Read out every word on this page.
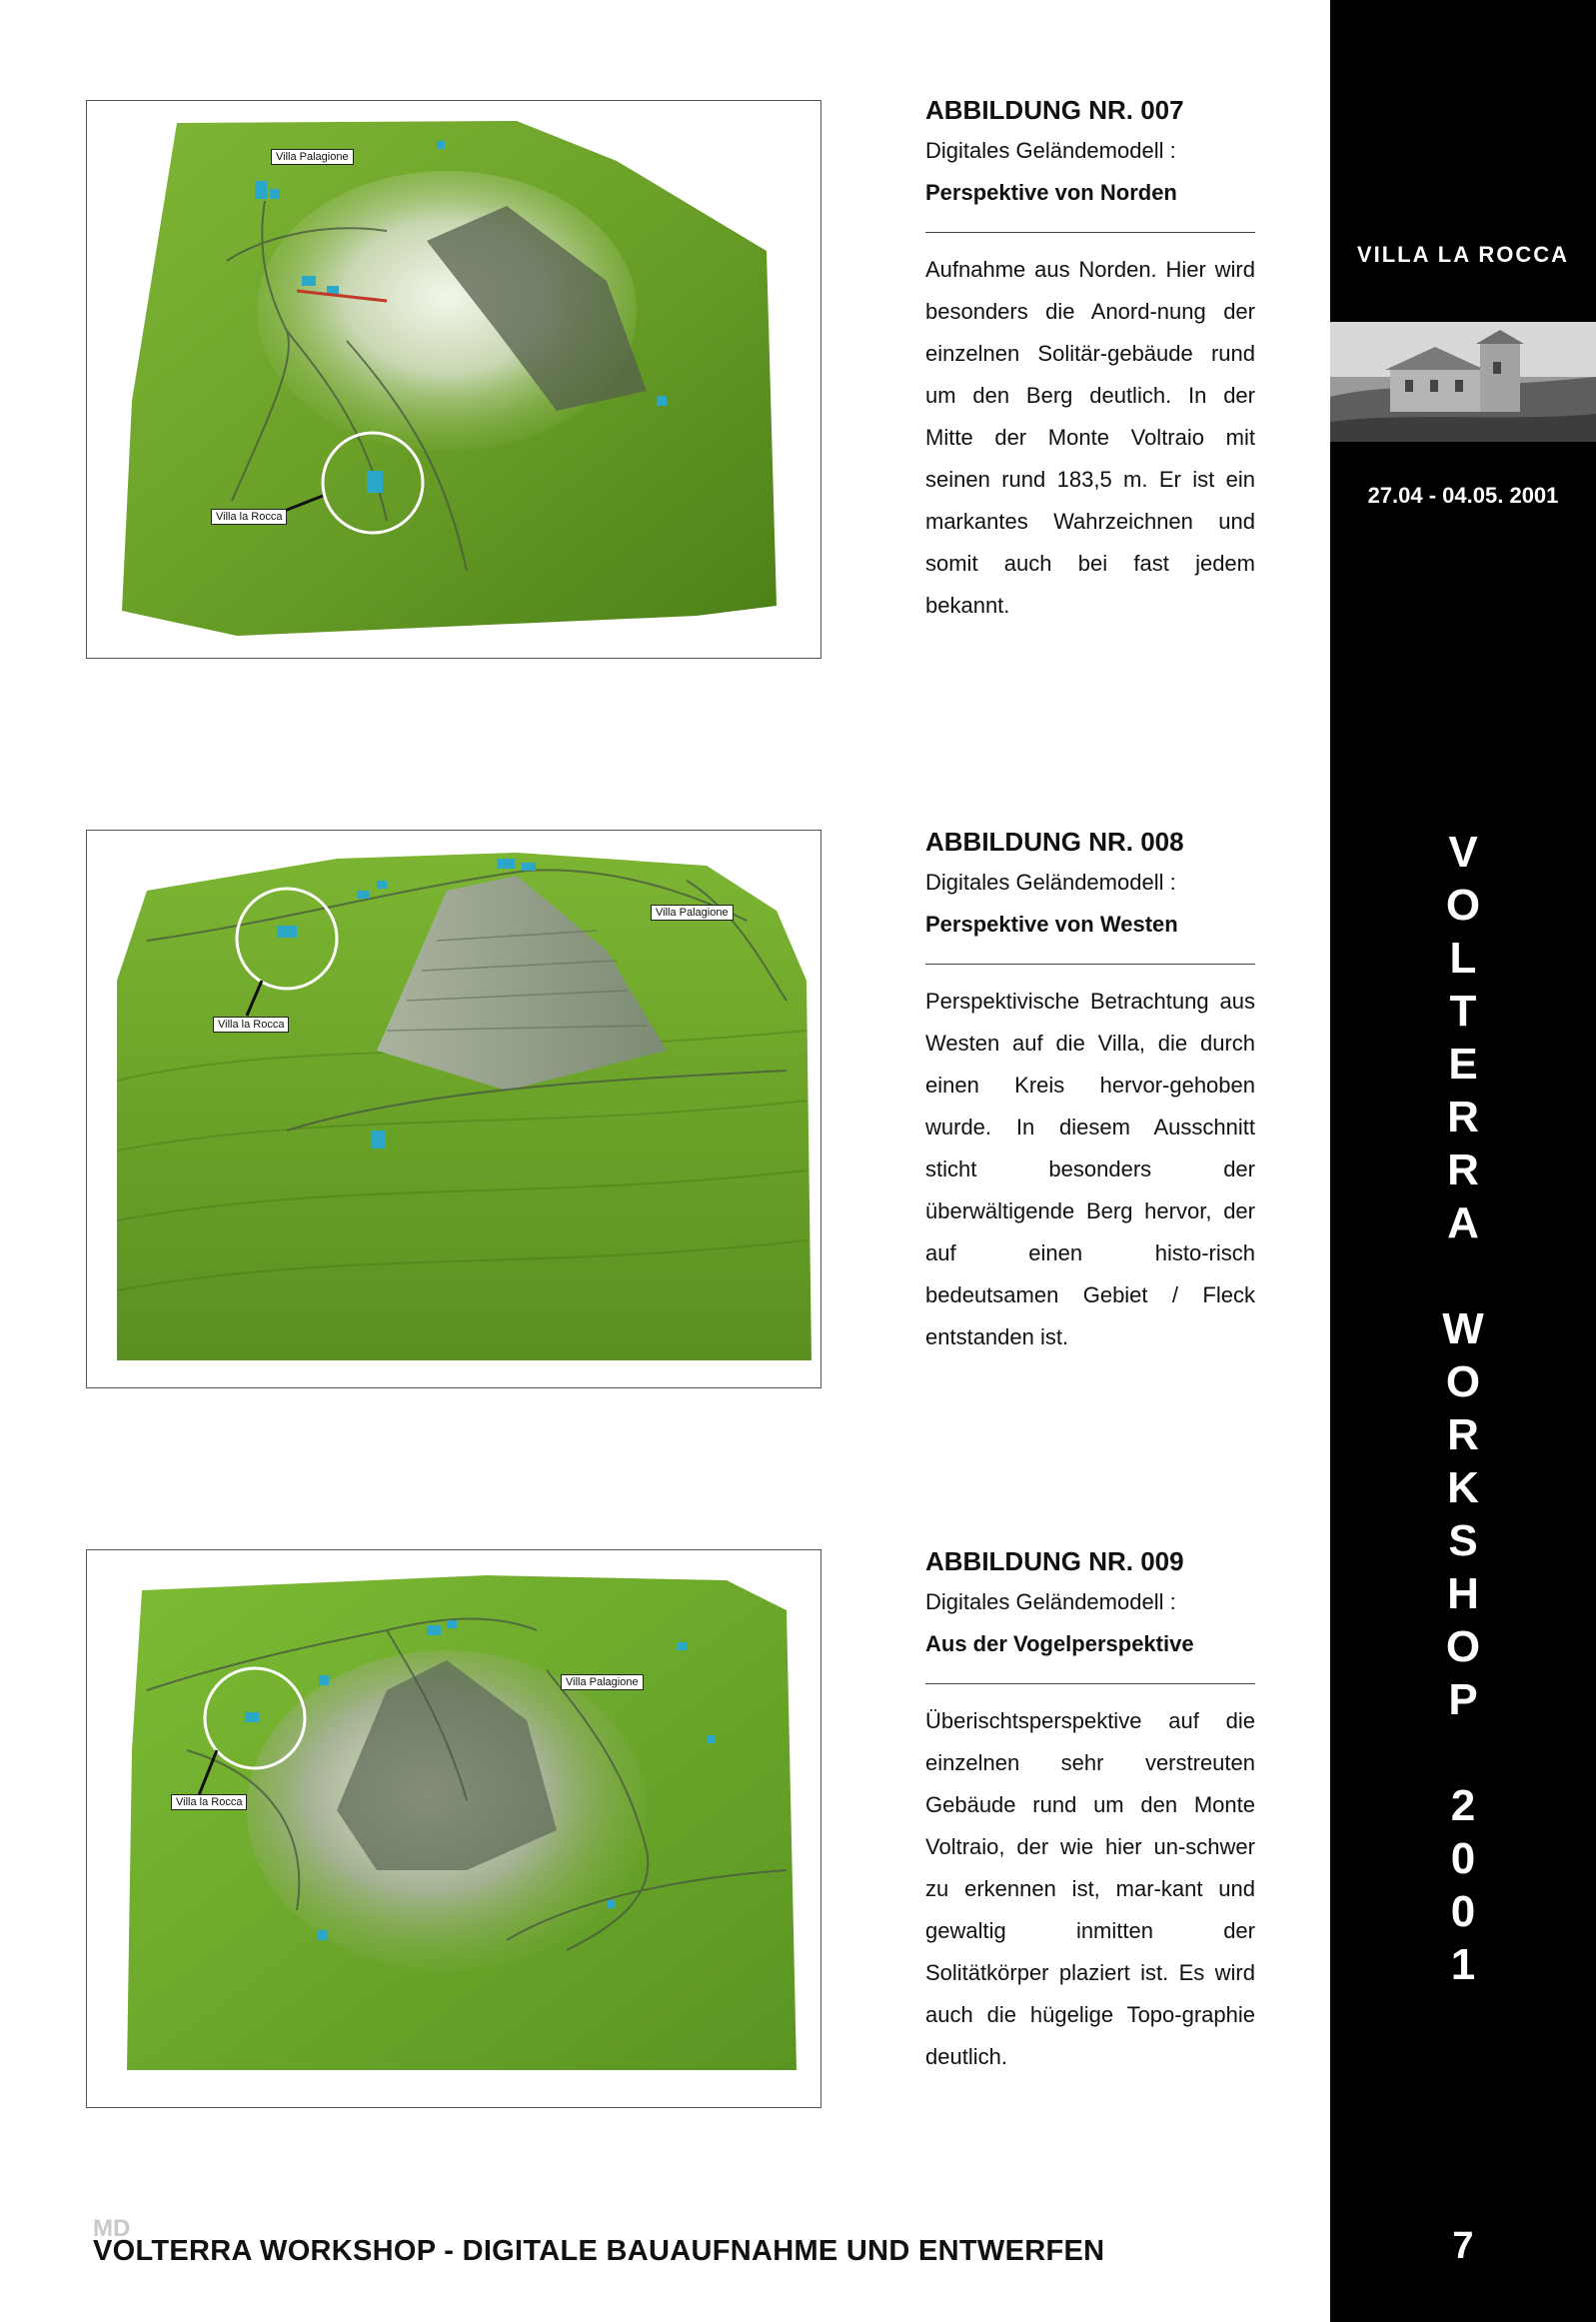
Villa Palagione
Villa la Rocca
ABBILDUNG NR. 007
Digitales Geländemodell :
Perspektive von Norden

Aufnahme aus Norden. Hier wird besonders die Anord-nung der einzelnen Solitär-gebäude rund um den Berg deutlich. In der Mitte der Monte Voltraio mit seinen rund 183,5 m. Er ist ein markantes Wahrzeichnen und somit auch bei fast jedem bekannt.

Villa Palagione
Villa la Rocca
ABBILDUNG NR. 008
Digitales Geländemodell :
Perspektive von Westen

Perspektivische Betrachtung aus Westen auf die Villa, die durch einen Kreis hervor-gehoben wurde. In diesem Ausschnitt sticht besonders der überwältigende Berg hervor, der auf einen histo-risch bedeutsamen Gebiet / Fleck entstanden ist.

Villa Palagione
Villa la Rocca
ABBILDUNG NR. 009
Digitales Geländemodell :
Aus der Vogelperspektive

Überischtsperspektive auf die einzelnen sehr verstreuten Gebäude rund um den Monte Voltraio, der wie hier un-schwer zu erkennen ist, mar-kant und gewaltig inmitten der Solitätkörper plaziert ist. Es wird auch die hügelige Topo-graphie deutlich.

VILLA LA ROCCA
27.04 - 04.05. 2001
V
O
L
T
E
R
R
A
W
O
R
K
S
H
O
P
2
0
0
1
7
MD
VOLTERRA WORKSHOP - DIGITALE BAUAUFNAHME UND ENTWERFEN
